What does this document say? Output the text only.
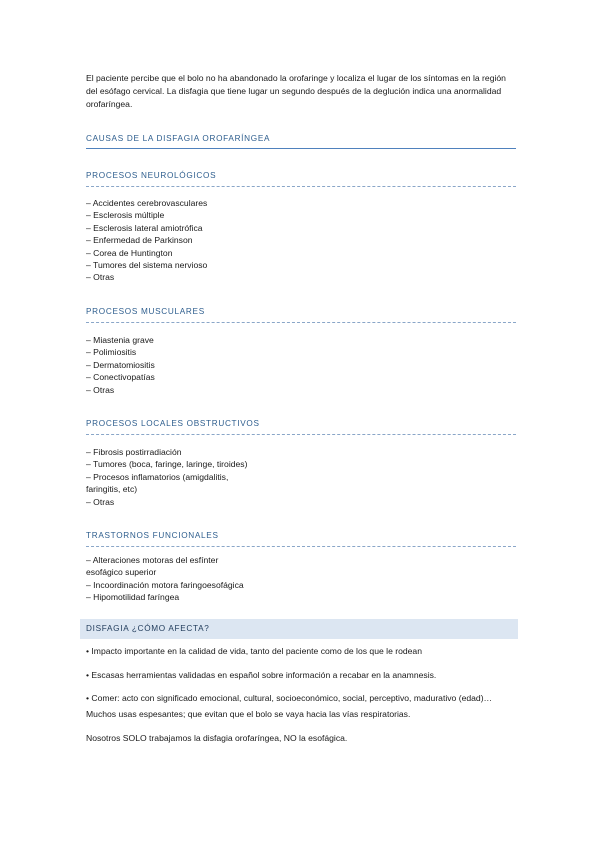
El paciente percibe que el bolo no ha abandonado la orofaringe y localiza el lugar de los síntomas en la región del esófago cervical. La disfagia que tiene lugar un segundo después de la deglución indica una anormalidad orofaríngea.

CAUSAS DE LA DISFAGIA OROFARÍNGEA
PROCESOS NEUROLÓGICOS
– Accidentes cerebrovasculares
– Esclerosis múltiple
– Esclerosis lateral amiotrófica
– Enfermedad de Parkinson
– Corea de Huntington
– Tumores del sistema nervioso
– Otras
PROCESOS MUSCULARES
– Miastenia grave
– Polimiositis
– Dermatomiositis
– Conectivopatías
– Otras
PROCESOS LOCALES OBSTRUCTIVOS
– Fibrosis postirradiación
– Tumores (boca, faringe, laringe, tiroides)
– Procesos inflamatorios (amigdalitis,
faringitis, etc)
– Otras
TRASTORNOS FUNCIONALES
– Alteraciones motoras del esfínter
esofágico superior
– Incoordinación motora faringoesofágica
– Hipomotilidad faríngea
DISFAGIA ¿CÓMO AFECTA?
• Impacto importante en la calidad de vida, tanto del paciente como de los que le rodean
• Escasas herramientas validadas en español sobre información a recabar en la anamnesis.
• Comer: acto con significado emocional, cultural, socioeconómico, social, perceptivo, madurativo (edad)… Muchos usas espesantes; que evitan que el bolo se vaya hacia las vías respiratorias.
Nosotros SOLO trabajamos la disfagia orofaríngea, NO la esofágica.
